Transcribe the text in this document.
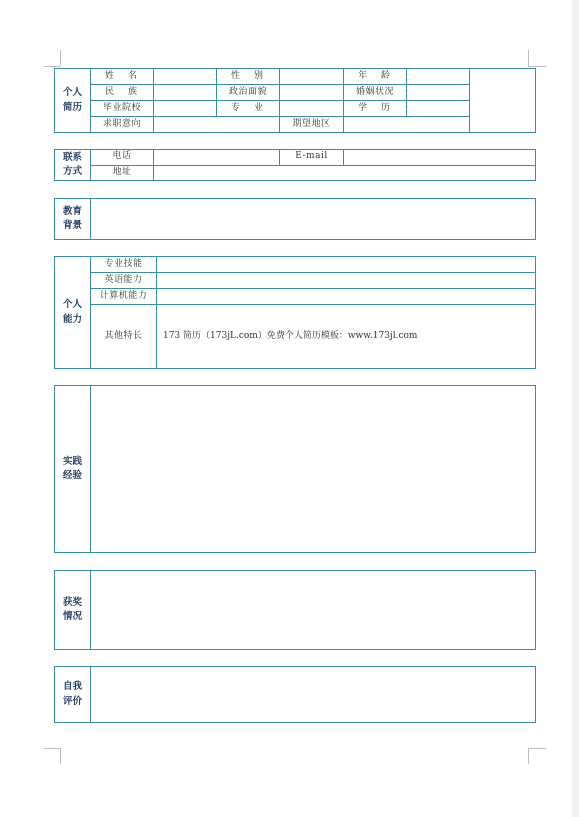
个人
简历	姓名		性别		年龄		
	民族		政治面貌		婚姻状况		
	毕业院校		专业		学历		
	求职意向			期望地区			
联系
方式	电话		E-mail	
	地址			
教育
背景	
个人
能力	专业技能	
	英语能力	
	计算机能力	
	其他特长	173 简历（173jL.com）免费个人简历模板：www.173jl.com
实践
经验	
获奖
情况	
自我
评价	
